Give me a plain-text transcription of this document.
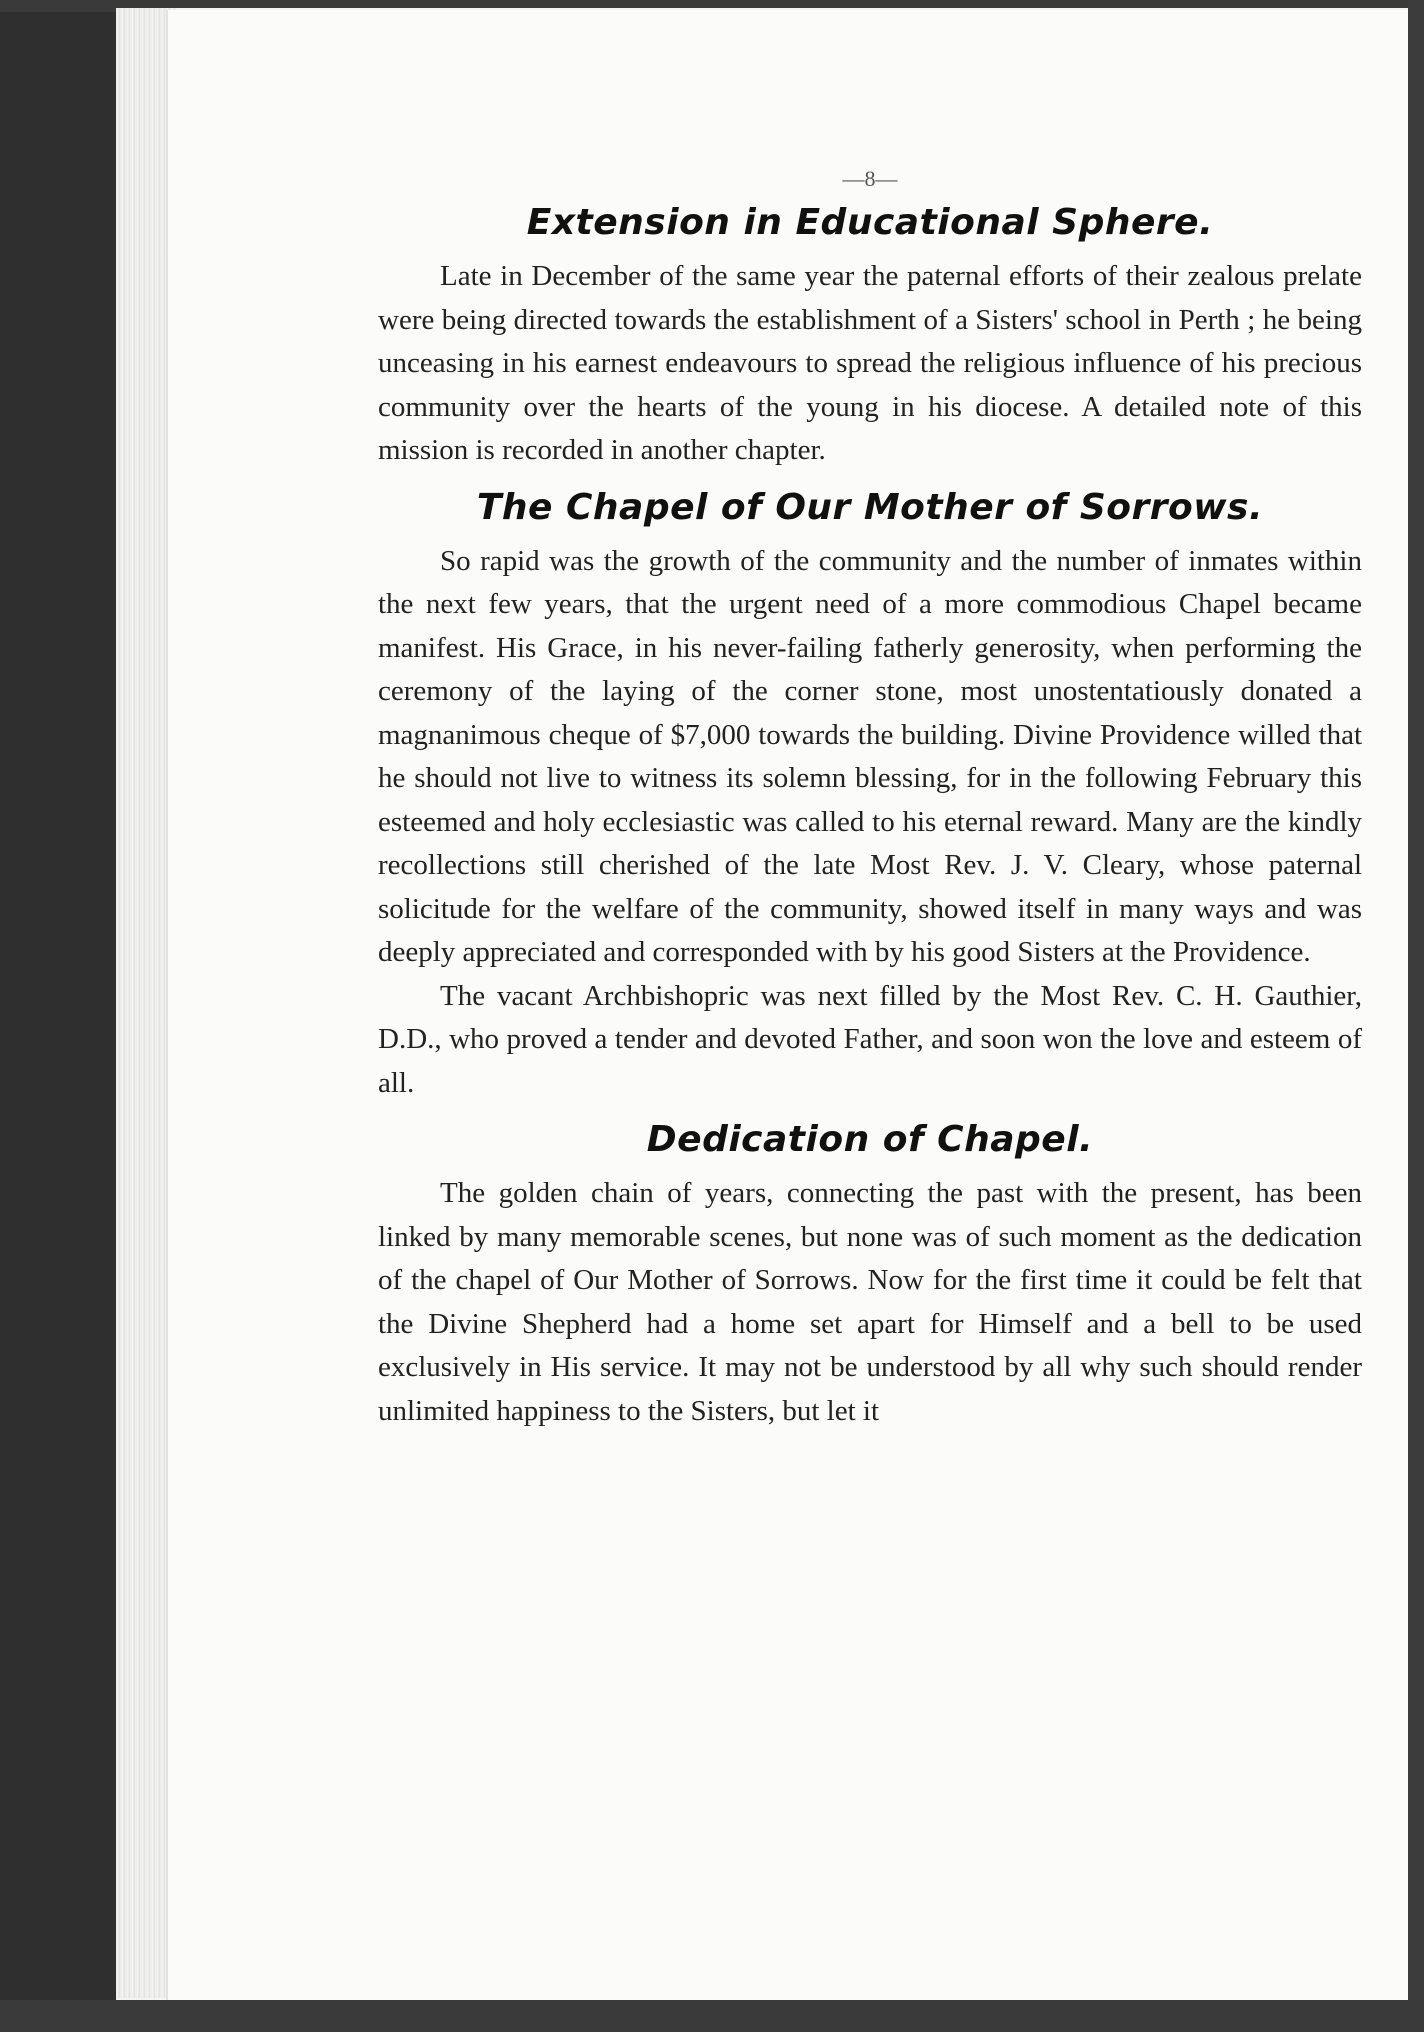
—8—
Extension in Educational Sphere.

Late in December of the same year the paternal efforts of their zealous prelate were being directed towards the establishment of a Sisters' school in Perth ; he being unceasing in his earnest endeavours to spread the religious influence of his precious community over the hearts of the young in his diocese. A detailed note of this mission is recorded in another chapter.

The Chapel of Our Mother of Sorrows.

So rapid was the growth of the community and the number of inmates within the next few years, that the urgent need of a more commodious Chapel became manifest. His Grace, in his never-failing fatherly generosity, when performing the ceremony of the laying of the corner stone, most unostentatiously donated a magnanimous cheque of $7,000 towards the building. Divine Providence willed that he should not live to witness its solemn blessing, for in the following February this esteemed and holy ecclesiastic was called to his eternal reward. Many are the kindly recollections still cherished of the late Most Rev. J. V. Cleary, whose paternal solicitude for the welfare of the community, showed itself in many ways and was deeply appreciated and corresponded with by his good Sisters at the Providence.

The vacant Archbishopric was next filled by the Most Rev. C. H. Gauthier, D.D., who proved a tender and devoted Father, and soon won the love and esteem of all.

Dedication of Chapel.

The golden chain of years, connecting the past with the present, has been linked by many memorable scenes, but none was of such moment as the dedication of the chapel of Our Mother of Sorrows. Now for the first time it could be felt that the Divine Shepherd had a home set apart for Himself and a bell to be used exclusively in His service. It may not be understood by all why such should render unlimited happiness to the Sisters, but let it
